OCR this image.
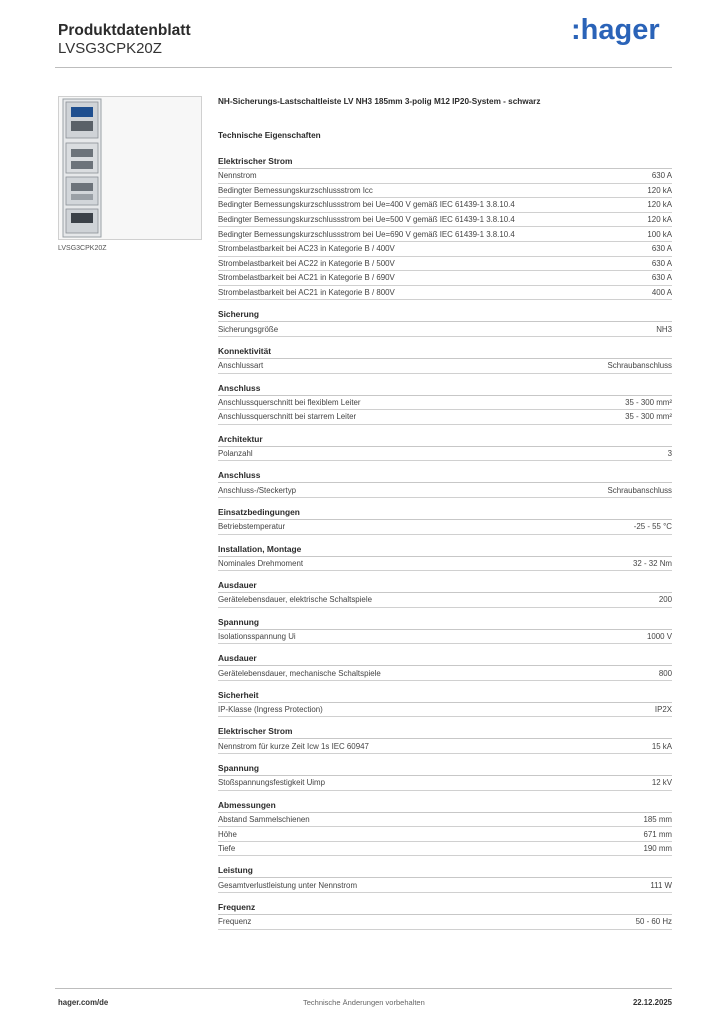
Produktdatenblatt
LVSG3CPK20Z
:hager
LVSG3CPK20Z
NH-Sicherungs-Lastschaltleiste LV NH3 185mm 3-polig M12 IP20-System - schwarz
Technische Eigenschaften
Elektrischer Strom
Nennstrom	630 A
Bedingter Bemessungskurzschlussstrom Icc	120 kA
Bedingter Bemessungskurzschlussstrom bei Ue=400 V gemäß IEC 61439-1 3.8.10.4	120 kA
Bedingter Bemessungskurzschlussstrom bei Ue=500 V gemäß IEC 61439-1 3.8.10.4	120 kA
Bedingter Bemessungskurzschlussstrom bei Ue=690 V gemäß IEC 61439-1 3.8.10.4	100 kA
Strombelastbarkeit bei AC23 in Kategorie B / 400V	630 A
Strombelastbarkeit bei AC22 in Kategorie B / 500V	630 A
Strombelastbarkeit bei AC21 in Kategorie B / 690V	630 A
Strombelastbarkeit bei AC21 in Kategorie B / 800V	400 A
Sicherung
Sicherungsgröße	NH3
Konnektivität
Anschlussart	Schraubanschluss
Anschluss
Anschlussquerschnitt bei flexiblem Leiter	35 - 300 mm²
Anschlussquerschnitt bei starrem Leiter	35 - 300 mm²
Architektur
Polanzahl	3
Anschluss
Anschluss-/Steckertyp	Schraubanschluss
Einsatzbedingungen
Betriebstemperatur	-25 - 55 °C
Installation, Montage
Nominales Drehmoment	32 - 32 Nm
Ausdauer
Gerätelebensdauer, elektrische Schaltspiele	200
Spannung
Isolationsspannung Ui	1000 V
Ausdauer
Gerätelebensdauer, mechanische Schaltspiele	800
Sicherheit
IP-Klasse (Ingress Protection)	IP2X
Elektrischer Strom
Nennstrom für kurze Zeit Icw 1s IEC 60947	15 kA
Spannung
Stoßspannungsfestigkeit Uimp	12 kV
Abmessungen
Abstand Sammelschienen	185 mm
Höhe	671 mm
Tiefe	190 mm
Leistung
Gesamtverlustleistung unter Nennstrom	111 W
Frequenz
Frequenz	50 - 60 Hz
hager.com/de	Technische Änderungen vorbehalten	22.12.2025
